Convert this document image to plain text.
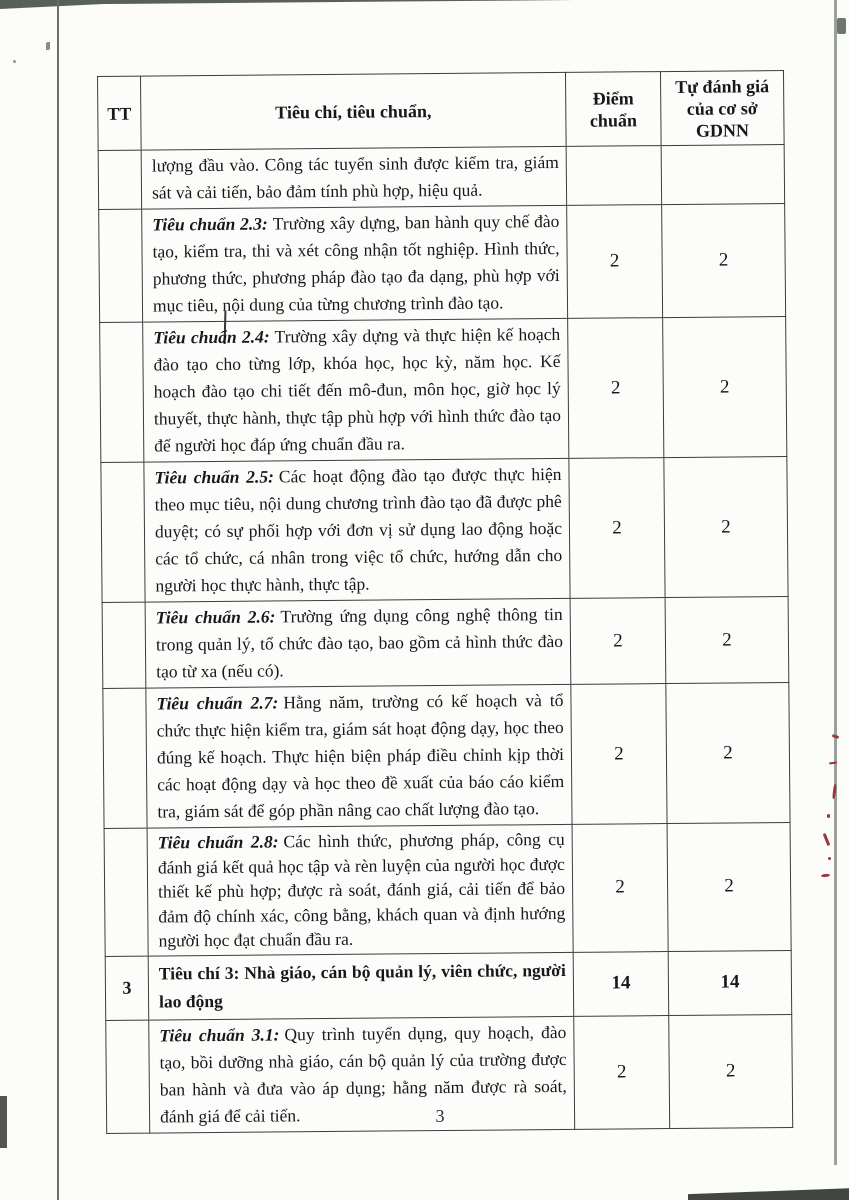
TT	Tiêu chí, tiêu chuẩn,	Điểm chuẩn	Tự đánh giá của cơ sở GDNN
	lượng đầu vào. Công tác tuyển sinh được kiểm tra, giám sát và cải tiến, bảo đảm tính phù hợp, hiệu quả.		
	Tiêu chuẩn 2.3: Trường xây dựng, ban hành quy chế đào tạo, kiểm tra, thi và xét công nhận tốt nghiệp. Hình thức, phương thức, phương pháp đào tạo đa dạng, phù hợp với mục tiêu, nội dung của từng chương trình đào tạo.	2	2
	Tiêu chuẩn 2.4: Trường xây dựng và thực hiện kế hoạch đào tạo cho từng lớp, khóa học, học kỳ, năm học. Kế hoạch đào tạo chi tiết đến mô-đun, môn học, giờ học lý thuyết, thực hành, thực tập phù hợp với hình thức đào tạo để người học đáp ứng chuẩn đầu ra.	2	2
	Tiêu chuẩn 2.5: Các hoạt động đào tạo được thực hiện theo mục tiêu, nội dung chương trình đào tạo đã được phê duyệt; có sự phối hợp với đơn vị sử dụng lao động hoặc các tổ chức, cá nhân trong việc tổ chức, hướng dẫn cho người học thực hành, thực tập.	2	2
	Tiêu chuẩn 2.6: Trường ứng dụng công nghệ thông tin trong quản lý, tổ chức đào tạo, bao gồm cả hình thức đào tạo từ xa (nếu có).	2	2
	Tiêu chuẩn 2.7: Hằng năm, trường có kế hoạch và tổ chức thực hiện kiểm tra, giám sát hoạt động dạy, học theo đúng kế hoạch. Thực hiện biện pháp điều chỉnh kịp thời các hoạt động dạy và học theo đề xuất của báo cáo kiểm tra, giám sát để góp phần nâng cao chất lượng đào tạo.	2	2
	Tiêu chuẩn 2.8: Các hình thức, phương pháp, công cụ đánh giá kết quả học tập và rèn luyện của người học được thiết kế phù hợp; được rà soát, đánh giá, cải tiến để bảo đảm độ chính xác, công bằng, khách quan và định hướng người học đạt chuẩn đầu ra.	2	2
3	Tiêu chí 3: Nhà giáo, cán bộ quản lý, viên chức, người lao động	14	14
	Tiêu chuẩn 3.1: Quy trình tuyển dụng, quy hoạch, đào tạo, bồi dưỡng nhà giáo, cán bộ quản lý của trường được ban hành và đưa vào áp dụng; hằng năm được rà soát, đánh giá để cải tiến.	2	2
3
